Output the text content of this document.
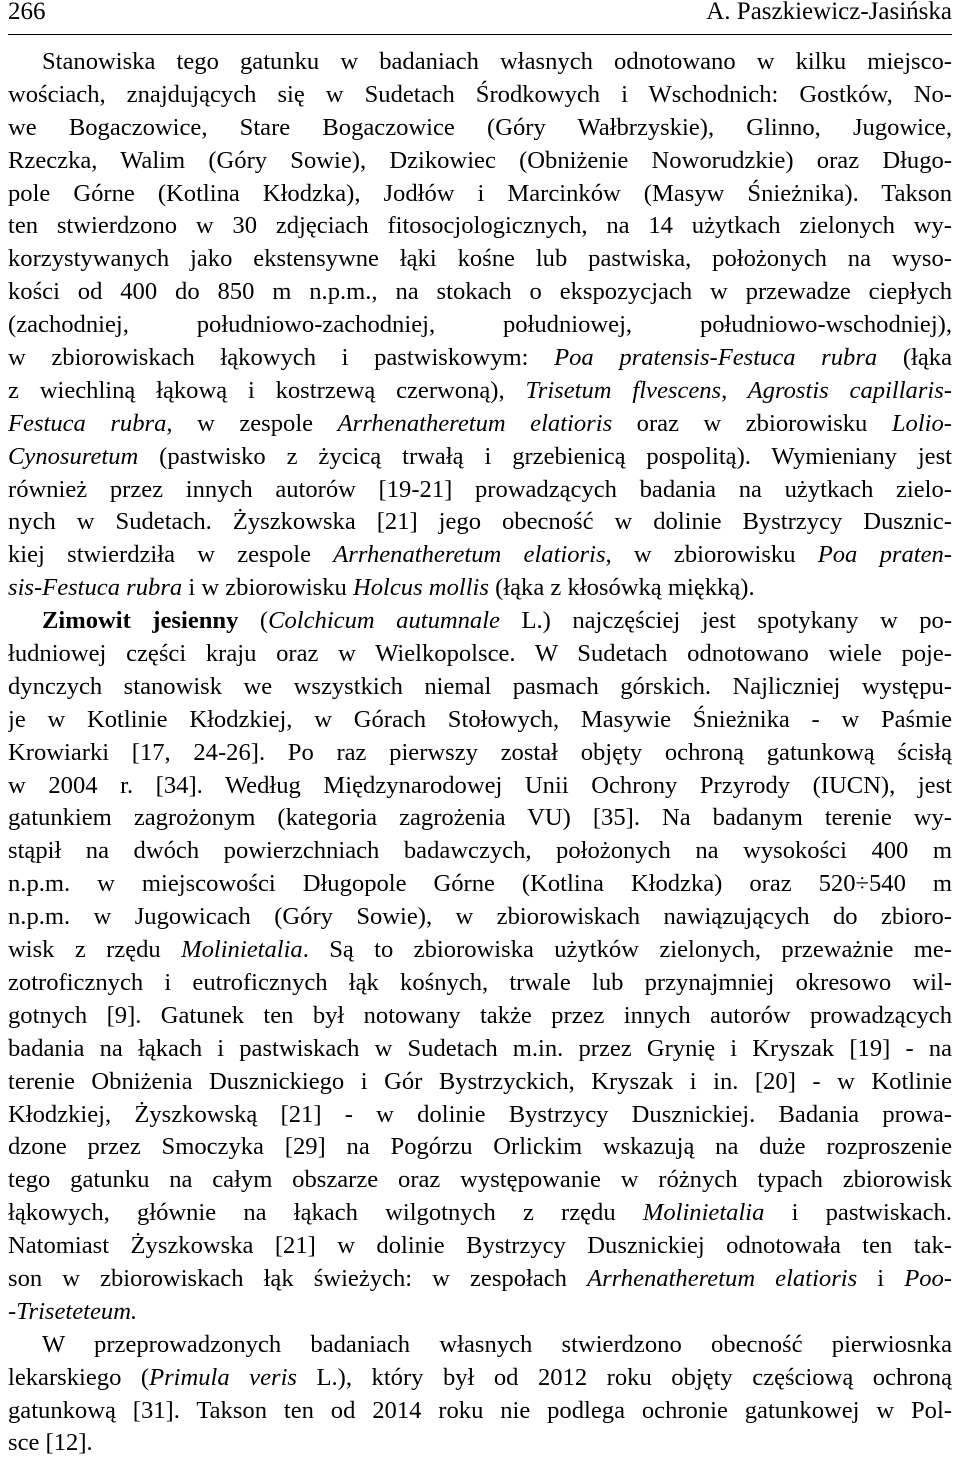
266	A. Paszkiewicz-Jasińska
Stanowiska tego gatunku w badaniach własnych odnotowano w kilku miejsco-
wościach, znajdujących się w Sudetach Środkowych i Wschodnich: Gostków, No-
we Bogaczowice, Stare Bogaczowice (Góry Wałbrzyskie), Glinno, Jugowice,
Rzeczka, Walim (Góry Sowie), Dzikowiec (Obniżenie Noworudzkie) oraz Długo-
pole Górne (Kotlina Kłodzka), Jodłów i Marcinków (Masyw Śnieżnika). Takson
ten stwierdzono w 30 zdjęciach fitosocjologicznych, na 14 użytkach zielonych wy-
korzystywanych jako ekstensywne łąki kośne lub pastwiska, położonych na wyso-
kości od 400 do 850 m n.p.m., na stokach o ekspozycjach w przewadze ciepłych
(zachodniej, południowo-zachodniej, południowej, południowo-wschodniej),
w zbiorowiskach łąkowych i pastwiskowym: Poa pratensis-Festuca rubra (łąka
z wiechliną łąkową i kostrzewą czerwoną), Trisetum flvescens, Agrostis capillaris-
Festuca rubra, w zespole Arrhenatheretum elatioris oraz w zbiorowisku Lolio-
Cynosuretum (pastwisko z życicą trwałą i grzebienicą pospolitą). Wymieniany jest
również przez innych autorów [19-21] prowadzących badania na użytkach zielo-
nych w Sudetach. Żyszkowska [21] jego obecność w dolinie Bystrzycy Dusznic-
kiej stwierdziła w zespole Arrhenatheretum elatioris, w zbiorowisku Poa praten-
sis-Festuca rubra i w zbiorowisku Holcus mollis (łąka z kłosówką miękką).
Zimowit jesienny (Colchicum autumnale L.) najczęściej jest spotykany w po-
łudniowej części kraju oraz w Wielkopolsce. W Sudetach odnotowano wiele poje-
dynczych stanowisk we wszystkich niemal pasmach górskich. Najliczniej występu-
je w Kotlinie Kłodzkiej, w Górach Stołowych, Masywie Śnieżnika - w Paśmie
Krowiarki [17, 24-26]. Po raz pierwszy został objęty ochroną gatunkową ścisłą
w 2004 r. [34]. Według Międzynarodowej Unii Ochrony Przyrody (IUCN), jest
gatunkiem zagrożonym (kategoria zagrożenia VU) [35]. Na badanym terenie wy-
stąpił na dwóch powierzchniach badawczych, położonych na wysokości 400 m
n.p.m. w miejscowości Długopole Górne (Kotlina Kłodzka) oraz 520÷540 m
n.p.m. w Jugowicach (Góry Sowie), w zbiorowiskach nawiązujących do zbioro-
wisk z rzędu Molinietalia. Są to zbiorowiska użytków zielonych, przeważnie me-
zotroficznych i eutroficznych łąk kośnych, trwale lub przynajmniej okresowo wil-
gotnych [9]. Gatunek ten był notowany także przez innych autorów prowadzących
badania na łąkach i pastwiskach w Sudetach m.in. przez Grynię i Kryszak [19] - na
terenie Obniżenia Dusznickiego i Gór Bystrzyckich, Kryszak i in. [20] - w Kotlinie
Kłodzkiej, Żyszkowską [21] - w dolinie Bystrzycy Dusznickiej. Badania prowa-
dzone przez Smoczyka [29] na Pogórzu Orlickim wskazują na duże rozproszenie
tego gatunku na całym obszarze oraz występowanie w różnych typach zbiorowisk
łąkowych, głównie na łąkach wilgotnych z rzędu Molinietalia i pastwiskach.
Natomiast Żyszkowska [21] w dolinie Bystrzycy Dusznickiej odnotowała ten tak-
son w zbiorowiskach łąk świeżych: w zespołach Arrhenatheretum elatioris i Poo-
-Triseteteum.
W przeprowadzonych badaniach własnych stwierdzono obecność pierwiosnka
lekarskiego (Primula veris L.), który był od 2012 roku objęty częściową ochroną
gatunkową [31]. Takson ten od 2014 roku nie podlega ochronie gatunkowej w Pol-
sce [12].
